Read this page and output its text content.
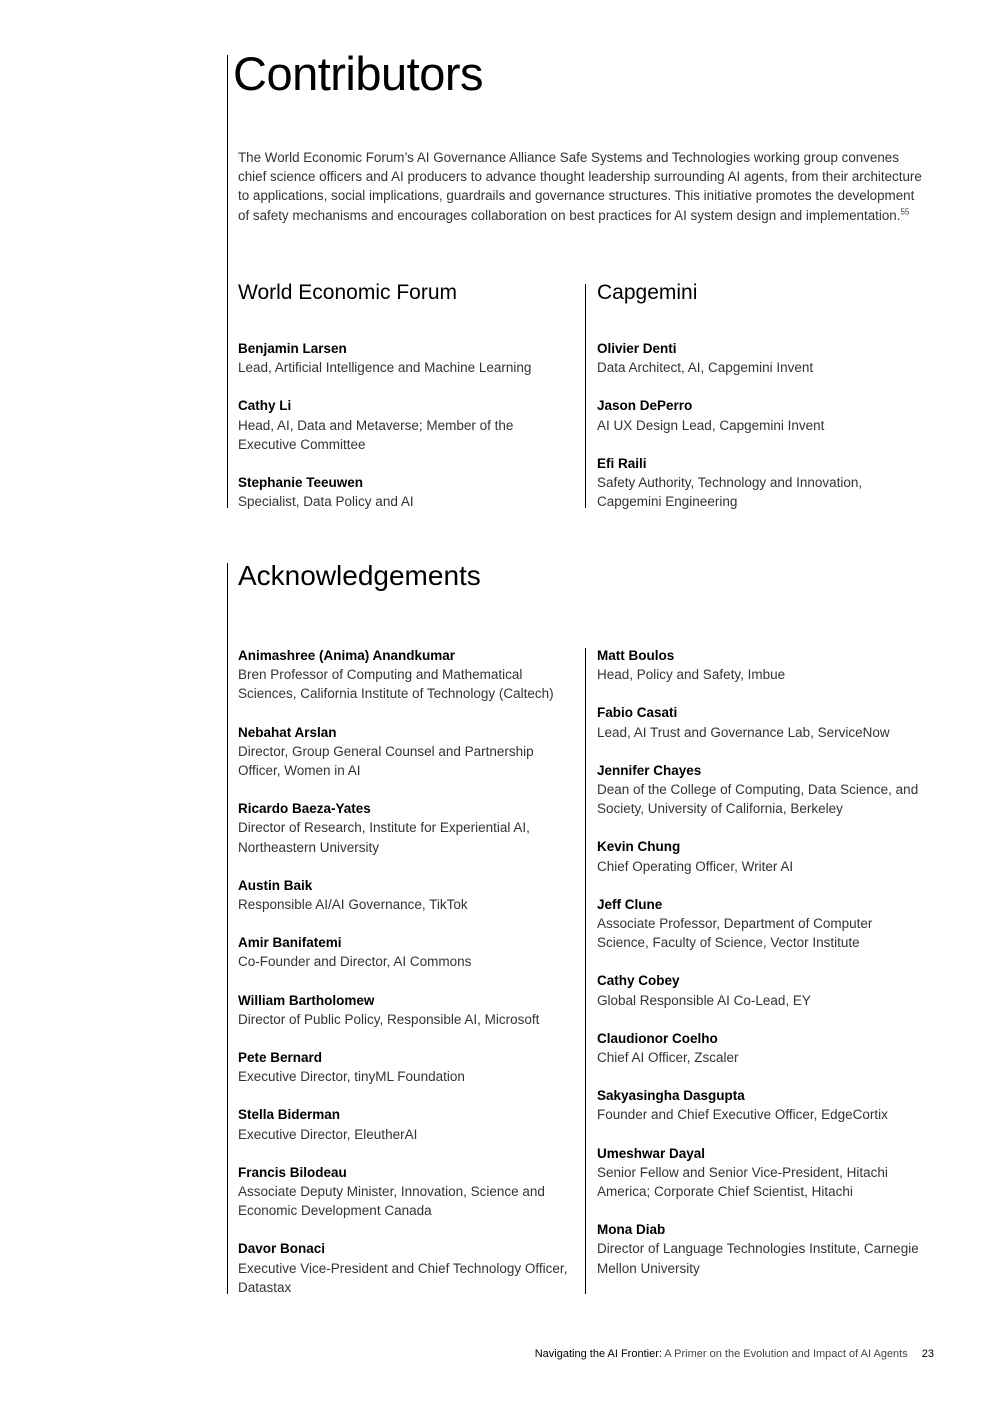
Contributors

The World Economic Forum’s AI Governance Alliance Safe Systems and Technologies working group convenes chief science officers and AI producers to advance thought leadership surrounding AI agents, from their architecture to applications, social implications, guardrails and governance structures. This initiative promotes the development of safety mechanisms and encourages collaboration on best practices for AI system design and implementation.$^{55}$

World Economic Forum	Capgemini
Benjamin Larsen
Lead, Artificial Intelligence and Machine Learning
Cathy Li
Head, AI, Data and Metaverse; Member of the Executive Committee
Stephanie Teeuwen
Specialist, Data Policy and AI
Olivier Denti
Data Architect, AI, Capgemini Invent
Jason DePerro
AI UX Design Lead, Capgemini Invent
Efi Raili
Safety Authority, Technology and Innovation, Capgemini Engineering
Acknowledgements
Animashree (Anima) Anandkumar
Bren Professor of Computing and Mathematical Sciences, California Institute of Technology (Caltech)
Nebahat Arslan
Director, Group General Counsel and Partnership Officer, Women in AI
Ricardo Baeza-Yates
Director of Research, Institute for Experiential AI, Northeastern University
Austin Baik
Responsible AI/AI Governance, TikTok
Amir Banifatemi
Co-Founder and Director, AI Commons
William Bartholomew
Director of Public Policy, Responsible AI, Microsoft
Pete Bernard
Executive Director, tinyML Foundation
Stella Biderman
Executive Director, EleutherAI
Francis Bilodeau
Associate Deputy Minister, Innovation, Science and Economic Development Canada
Davor Bonaci
Executive Vice-President and Chief Technology Officer, Datastax
Matt Boulos
Head, Policy and Safety, Imbue
Fabio Casati
Lead, AI Trust and Governance Lab, ServiceNow
Jennifer Chayes
Dean of the College of Computing, Data Science, and Society, University of California, Berkeley
Kevin Chung
Chief Operating Officer, Writer AI
Jeff Clune
Associate Professor, Department of Computer Science, Faculty of Science, Vector Institute
Cathy Cobey
Global Responsible AI Co-Lead, EY
Claudionor Coelho
Chief AI Officer, Zscaler
Sakyasingha Dasgupta
Founder and Chief Executive Officer, EdgeCortix
Umeshwar Dayal
Senior Fellow and Senior Vice-President, Hitachi America; Corporate Chief Scientist, Hitachi
Mona Diab
Director of Language Technologies Institute, Carnegie Mellon University
Navigating the AI Frontier: A Primer on the Evolution and Impact of AI Agents 23
